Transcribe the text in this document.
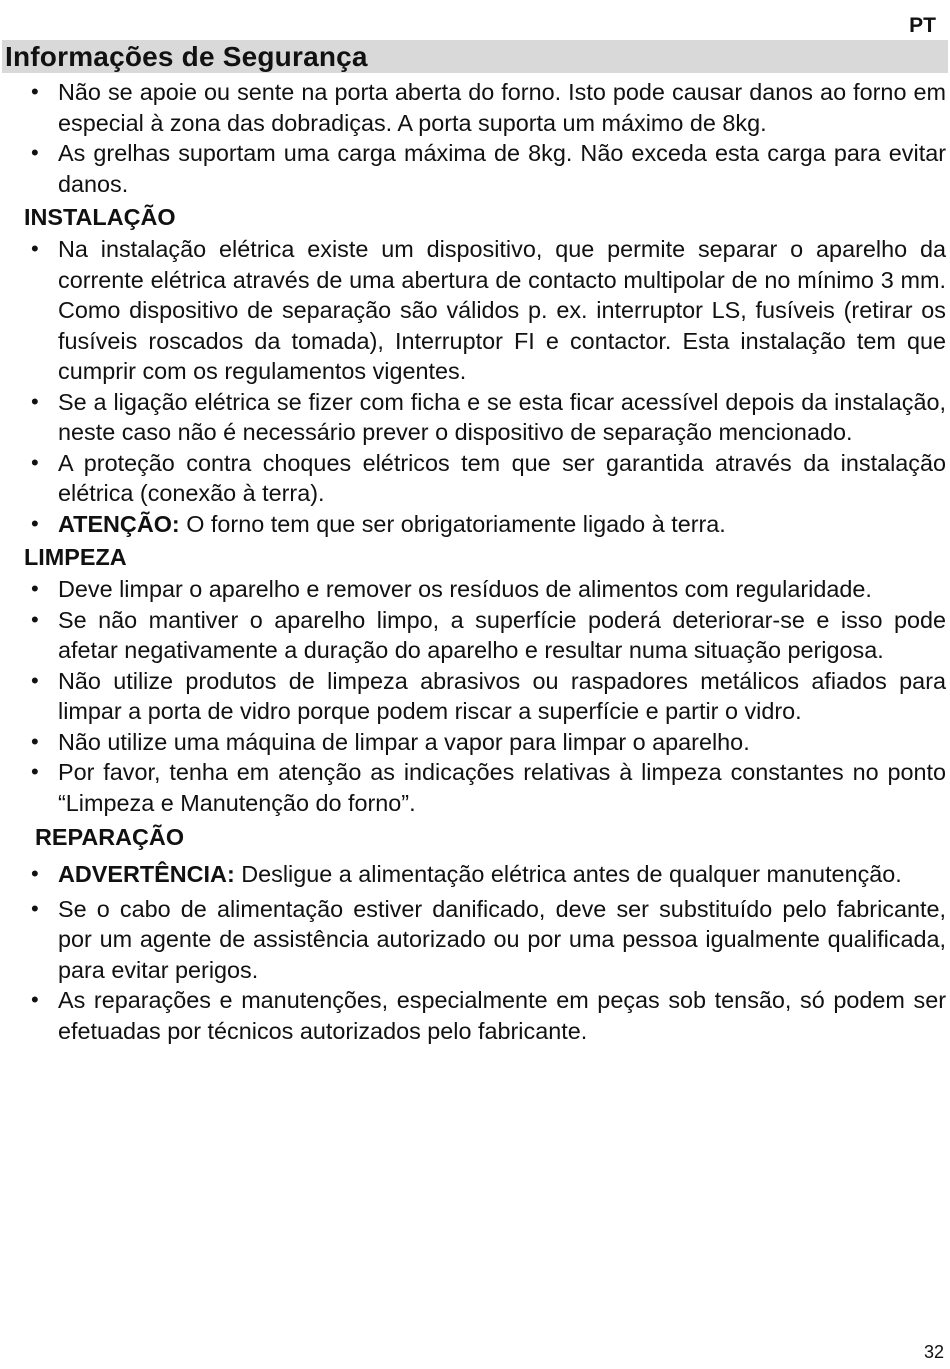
PT
Informações de Segurança
• Não se apoie ou sente na porta aberta do forno. Isto pode causar danos ao forno em especial à zona das dobradiças. A porta suporta um máximo de 8kg.
• As grelhas suportam uma carga máxima de 8kg. Não exceda esta carga para evitar danos.
INSTALAÇÃO
• Na instalação elétrica existe um dispositivo, que permite separar o aparelho da corrente elétrica através de uma abertura de contacto multipolar de no mínimo 3 mm. Como dispositivo de separação são válidos p. ex. interruptor LS, fusíveis (retirar os fusíveis roscados da tomada), Interruptor FI e contactor. Esta instalação tem que cumprir com os regulamentos vigentes.
• Se a ligação elétrica se fizer com ficha e se esta ficar acessível depois da instalação, neste caso não é necessário prever o dispositivo de separação mencionado.
• A proteção contra choques elétricos tem que ser garantida através da instalação elétrica (conexão à terra).
• ATENÇÃO: O forno tem que ser obrigatoriamente ligado à terra.
LIMPEZA
• Deve limpar o aparelho e remover os resíduos de alimentos com regularidade.
• Se não mantiver o aparelho limpo, a superfície poderá deteriorar-se e isso pode afetar negativamente a duração do aparelho e resultar numa situação perigosa.
• Não utilize produtos de limpeza abrasivos ou raspadores metálicos afiados para limpar a porta de vidro porque podem riscar a superfície e partir o vidro.
• Não utilize uma máquina de limpar a vapor para limpar o aparelho.
• Por favor, tenha em atenção as indicações relativas à limpeza constantes no ponto “Limpeza e Manutenção do forno”.
REPARAÇÃO
• ADVERTÊNCIA: Desligue a alimentação elétrica antes de qualquer manutenção.
• Se o cabo de alimentação estiver danificado, deve ser substituído pelo fabricante, por um agente de assistência autorizado ou por uma pessoa igualmente qualificada, para evitar perigos.
• As reparações e manutenções, especialmente em peças sob tensão, só podem ser efetuadas por técnicos autorizados pelo fabricante.
32
